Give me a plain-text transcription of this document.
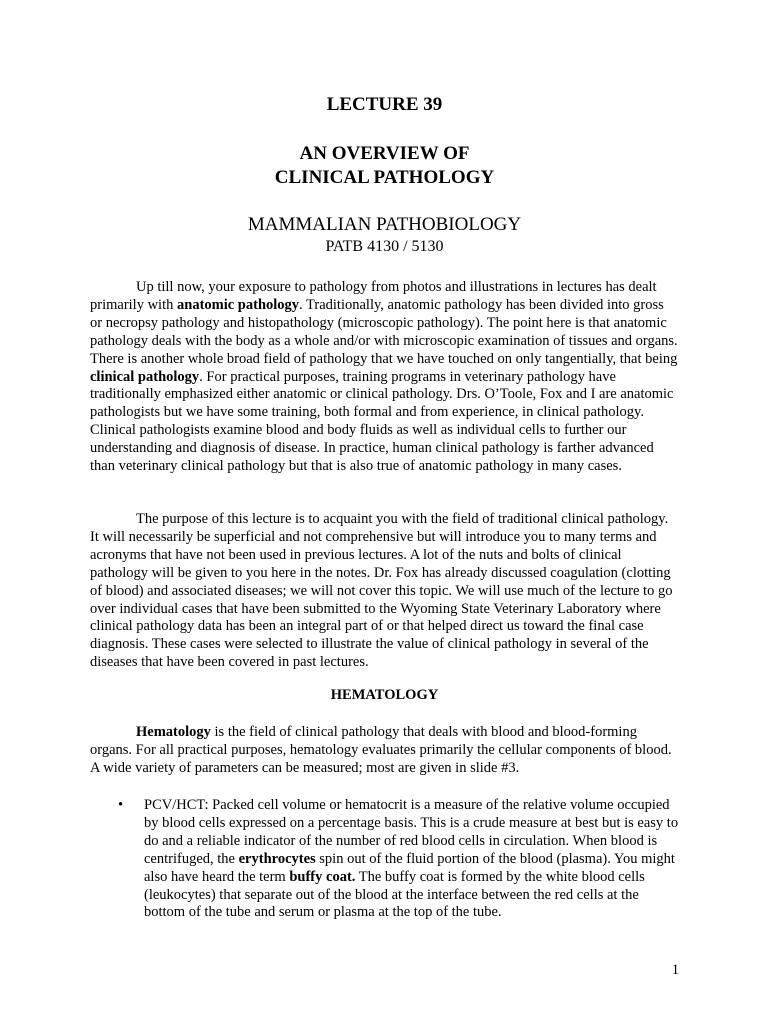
LECTURE 39

AN OVERVIEW OF
CLINICAL PATHOLOGY

MAMMALIAN PATHOBIOLOGY

PATB 4130 / 5130

Up till now, your exposure to pathology from photos and illustrations in lectures has dealt primarily with anatomic pathology. Traditionally, anatomic pathology has been divided into gross or necropsy pathology and histopathology (microscopic pathology). The point here is that anatomic pathology deals with the body as a whole and/or with microscopic examination of tissues and organs. There is another whole broad field of pathology that we have touched on only tangentially, that being clinical pathology. For practical purposes, training programs in veterinary pathology have traditionally emphasized either anatomic or clinical pathology. Drs. O’Toole, Fox and I are anatomic pathologists but we have some training, both formal and from experience, in clinical pathology. Clinical pathologists examine blood and body fluids as well as individual cells to further our understanding and diagnosis of disease. In practice, human clinical pathology is farther advanced than veterinary clinical pathology but that is also true of anatomic pathology in many cases.

The purpose of this lecture is to acquaint you with the field of traditional clinical pathology. It will necessarily be superficial and not comprehensive but will introduce you to many terms and acronyms that have not been used in previous lectures. A lot of the nuts and bolts of clinical pathology will be given to you here in the notes. Dr. Fox has already discussed coagulation (clotting of blood) and associated diseases; we will not cover this topic. We will use much of the lecture to go over individual cases that have been submitted to the Wyoming State Veterinary Laboratory where clinical pathology data has been an integral part of or that helped direct us toward the final case diagnosis. These cases were selected to illustrate the value of clinical pathology in several of the diseases that have been covered in past lectures.

HEMATOLOGY

Hematology is the field of clinical pathology that deals with blood and blood-forming organs. For all practical purposes, hematology evaluates primarily the cellular components of blood. A wide variety of parameters can be measured; most are given in slide #3.

•	PCV/HCT: Packed cell volume or hematocrit is a measure of the relative volume occupied by blood cells expressed on a percentage basis. This is a crude measure at best but is easy to do and a reliable indicator of the number of red blood cells in circulation. When blood is centrifuged, the erythrocytes spin out of the fluid portion of the blood (plasma). You might also have heard the term buffy coat. The buffy coat is formed by the white blood cells (leukocytes) that separate out of the blood at the interface between the red cells at the bottom of the tube and serum or plasma at the top of the tube.

1
